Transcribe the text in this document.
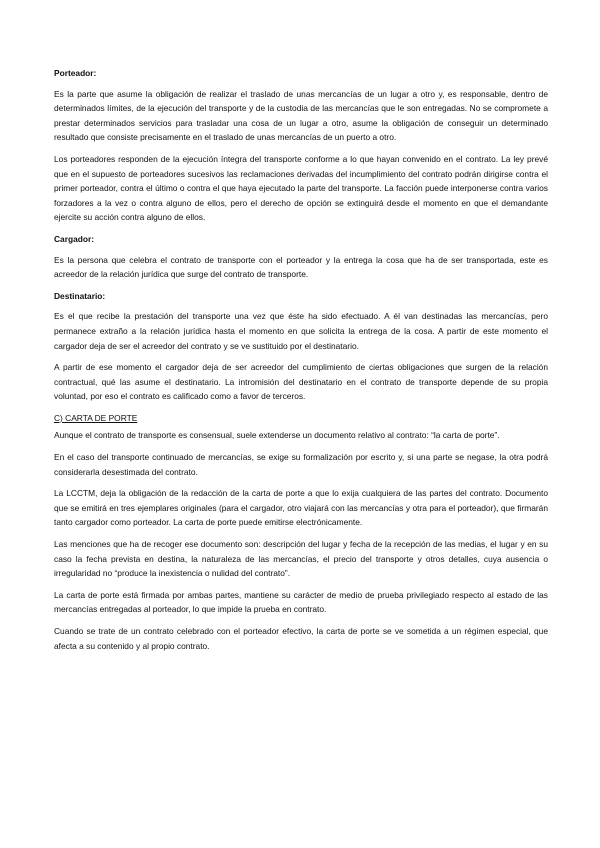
Porteador:

Es la parte que asume la obligación de realizar el traslado de unas mercancías de un lugar a otro y, es responsable, dentro de determinados límites, de la ejecución del transporte y de la custodia de las mercancías que le son entregadas. No se compromete a prestar determinados servicios para trasladar una cosa de un lugar a otro, asume la obligación de conseguir un determinado resultado que consiste precisamente en el traslado de unas mercancías de un puerto a otro.

Los porteadores responden de la ejecución íntegra del transporte conforme a lo que hayan convenido en el contrato. La ley prevé que en el supuesto de porteadores sucesivos las reclamaciones derivadas del incumplimiento del contrato podrán dirigirse contra el primer porteador, contra el último o contra el que haya ejecutado la parte del transporte. La facción puede interponerse contra varios forzadores a la vez o contra alguno de ellos, pero el derecho de opción se extinguirá desde el momento en que el demandante ejercite su acción contra alguno de ellos.

Cargador:

Es la persona que celebra el contrato de transporte con el porteador y la entrega la cosa que ha de ser transportada, este es acreedor de la relación jurídica que surge del contrato de transporte.

Destinatario:

Es el que recibe la prestación del transporte una vez que éste ha sido efectuado. A él van destinadas las mercancías, pero permanece extraño a la relación jurídica hasta el momento en que solicita la entrega de la cosa. A partir de este momento el cargador deja de ser el acreedor del contrato y se ve sustituido por el destinatario.

A partir de ese momento el cargador deja de ser acreedor del cumplimiento de ciertas obligaciones que surgen de la relación contractual, qué las asume el destinatario. La intromisión del destinatario en el contrato de transporte depende de su propia voluntad, por eso el contrato es calificado como a favor de terceros.

C) CARTA DE PORTE

Aunque el contrato de transporte es consensual, suele extenderse un documento relativo al contrato: “la carta de porte”.

En el caso del transporte continuado de mercancías, se exige su formalización por escrito y, si una parte se negase, la otra podrá considerarla desestimada del contrato.

La LCCTM, deja la obligación de la redacción de la carta de porte a que lo exija cualquiera de las partes del contrato. Documento que se emitirá en tres ejemplares originales (para el cargador, otro viajará con las mercancías y otra para el porteador), que firmarán tanto cargador como porteador. La carta de porte puede emitirse electrónicamente.

Las menciones que ha de recoger ese documento son: descripción del lugar y fecha de la recepción de las medias, el lugar y en su caso la fecha prevista en destina, la naturaleza de las mercancías, el precio del transporte y otros detalles, cuya ausencia o irregularidad no “produce la inexistencia o nulidad del contrato”.

La carta de porte está firmada por ambas partes, mantiene su carácter de medio de prueba privilegiado respecto al estado de las mercancías entregadas al porteador, lo que impide la prueba en contrato.

Cuando se trate de un contrato celebrado con el porteador efectivo, la carta de porte se ve sometida a un régimen especial, que afecta a su contenido y al propio contrato.
